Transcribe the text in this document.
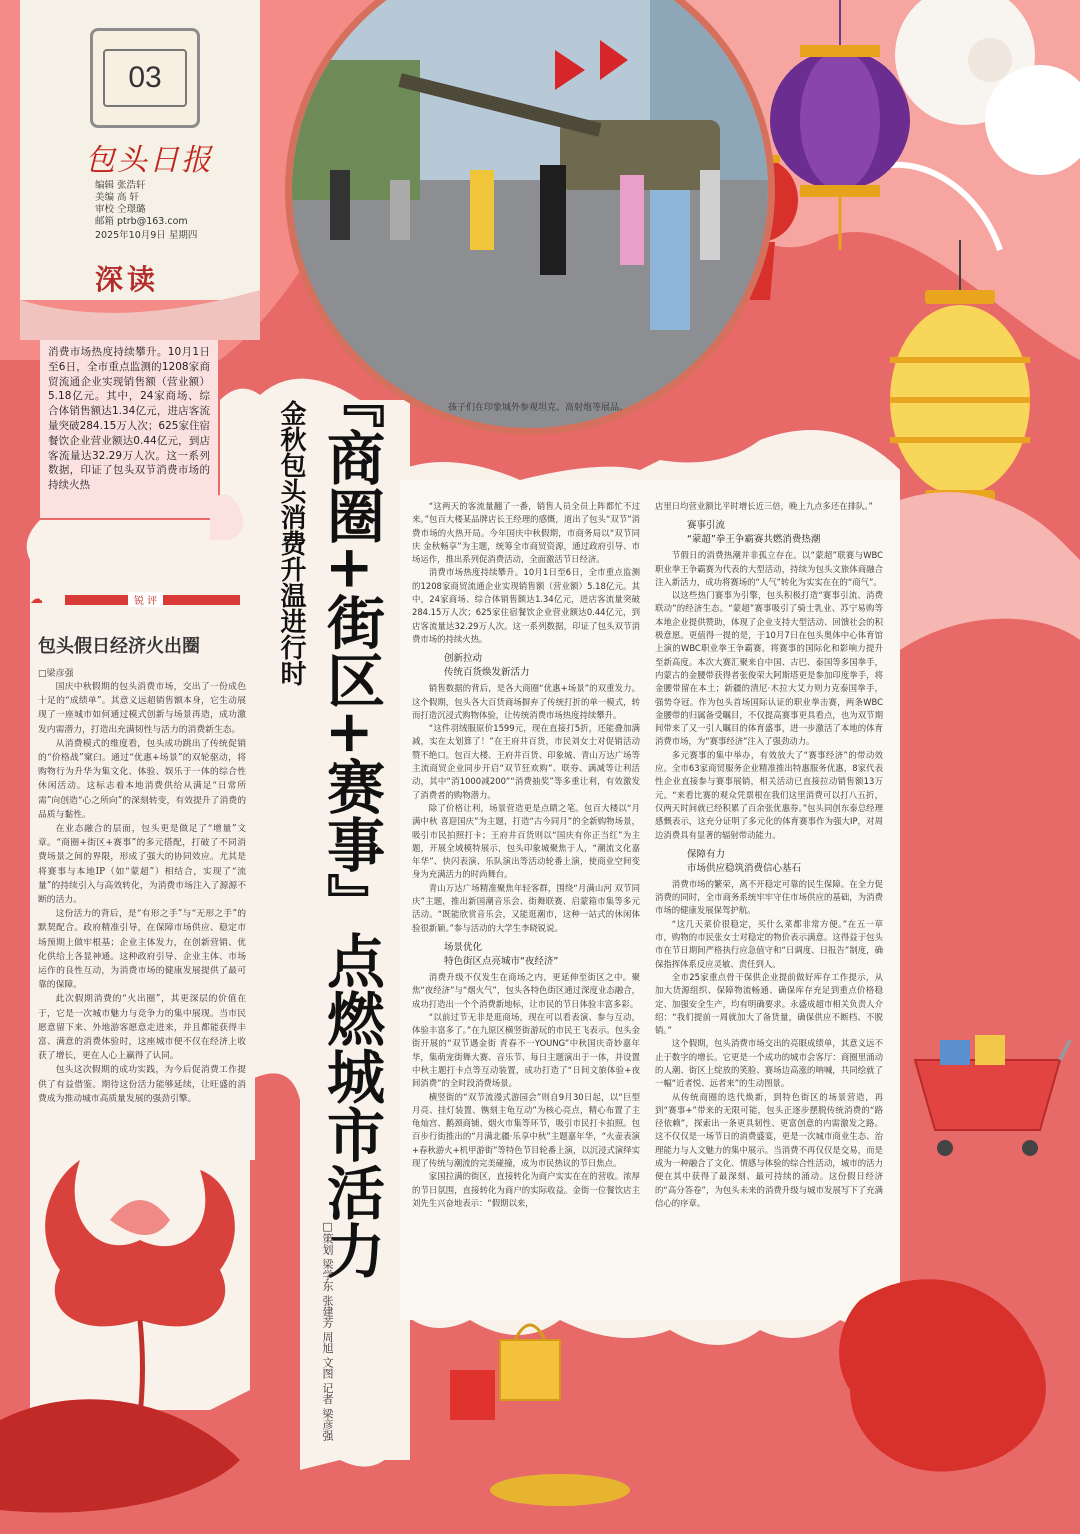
03
包头日报
编辑 张浩轩
美编 高 轩
审校 仝璟璐
邮箱 ptrb@163.com
2025年10月9日 星期四
深读
消费市场热度持续攀升。10月1日至6日，全市重点监测的1208家商贸流通企业实现销售额（营业额）5.18亿元。其中，24家商场、综合体销售额达1.34亿元，进店客流量突破284.15万人次；625家住宿餐饮企业营业额达0.44亿元，到店客流量达32.29万人次。这一系列数据，印证了包头双节消费市场的持续火热
☁	锐 评
包头假日经济火出圈
□梁彦强

国庆中秋假期的包头消费市场，交出了一份成色十足的“成绩单”。其意义远超销售额本身，它生动展现了一座城市如何通过模式创新与场景再造，成功激发内需潜力，打造出充满韧性与活力的消费新生态。

从消费模式的维度看，包头成功跳出了传统促销的“价格战”窠臼。通过“优惠+场景”的双轮驱动，将购物行为升华为集文化、体验、娱乐于一体的综合性休闲活动。这标志着本地消费供给从满足“日常所需”向创造“心之所向”的深刻转变，有效提升了消费的品质与黏性。

在业态融合的层面，包头更是做足了“增量”文章。“商圈+街区+赛事”的多元搭配，打破了不同消费场景之间的界限，形成了强大的协同效应。尤其是将赛事与本地IP（如“蒙超”）相结合，实现了“流量”的持续引入与高效转化，为消费市场注入了源源不断的活力。

这份活力的背后，是“有形之手”与“无形之手”的默契配合。政府精准引导，在保障市场供应、稳定市场预期上做牢根基；企业主体发力，在创新营销、优化供给上各显神通。这种政府引导、企业主体、市场运作的良性互动，为消费市场的健康发展提供了最可靠的保障。

此次假期消费的“火出圈”，其更深层的价值在于，它是一次城市魅力与竞争力的集中展现。当市民愿意留下来、外地游客愿意走进来，并且都能获得丰富、满意的消费体验时，这座城市便不仅在经济上收获了增长，更在人心上赢得了认同。

包头这次假期的成功实践，为今后促消费工作提供了有益借鉴。期待这份活力能够延续，让旺盛的消费成为推动城市高质量发展的强劲引擎。	『商圈+街区+赛事』点燃城市活力
金秋包头消费升温进行时
□策划 梁学东 张建芳 周旭 文图 记者 梁彦强
孩子们在印象城外参观坦克、高射炮等展品。

“这两天的客流量翻了一番，销售人员全员上阵都忙不过来。”包百大楼某品牌店长王经理的感慨，道出了包头“双节”消费市场的火热开局。今年国庆中秋假期，市商务局以“双节同庆 金秋畅享”为主题，统筹全市商贸资源，通过政府引导、市场运作，推出系列促消费活动，全面激活节日经济。

消费市场热度持续攀升。10月1日至6日，全市重点监测的1208家商贸流通企业实现销售额（营业额）5.18亿元。其中，24家商场、综合体销售额达1.34亿元，进店客流量突破284.15万人次；625家住宿餐饮企业营业额达0.44亿元，到店客流量达32.29万人次。这一系列数据，印证了包头双节消费市场的持续火热。

创新拉动
传统百货焕发新活力

销售数据的背后，是各大商圈“优惠+场景”的双重发力。这个假期，包头各大百货商场摒弃了传统打折的单一模式，转而打造沉浸式购物体验，让传统消费市场热度持续攀升。

“这件羽绒服原价1599元，现在直接打5折，还能叠加满减，实在太划算了！”在王府井百货，市民刘女士对促销活动赞不绝口。包百大楼、王府井百货、印象城、青山万达广场等主流商贸企业同步开启“双节狂欢购”、联券、满减等让利活动，其中“消1000减200”“消费抽奖”等多重让利，有效激发了消费者的购物潜力。

除了价格让利，场景营造更是点睛之笔。包百大楼以“月满中秋 喜迎国庆”为主题，打造“古今同月”的全新购物场景，吸引市民拍照打卡；王府井百货则以“国庆有你正当红”为主题，开展全域模特展示，包头印象城聚焦于人，“潮流文化嘉年华”、快闪表演、乐队演出等活动轮番上演，使商业空间变身为充满活力的时尚舞台。

青山万达广场精准聚焦年轻客群，围绕“月满山河 双节同庆”主题，推出新国潮音乐会、街舞联赛、启蒙箱市集等多元活动。“既能欣赏音乐会，又能逛潮市，这种一站式的休闲体验很新颖。”参与活动的大学生李晓锐说。

场景优化
特色街区点亮城市“夜经济”

消费升级不仅发生在商场之内，更延伸至街区之中。聚焦“夜经济”与“烟火气”，包头各特色街区通过深度业态融合，成功打造出一个个消费新地标，让市民的节日体验丰富多彩。

“以前过节无非是逛商场，现在可以看表演、参与互动，体验丰富多了。”在九原区横竖街游玩的市民王飞表示。包头金街开展的“双节遇金街 青春不一YOUNG”中秋国庆奇妙嘉年华，集萌宠街舞大赛、音乐节、每日主题演出于一体，并设置中秋主题打卡点等互动装置，成功打造了“日间文旅体验+夜间消费”的全时段消费场景。

横竖街的“双节流漫式游园会”则自9月30日起，以“巨型月亮、挂灯装置、镌刻主龟互动”为核心亮点，精心布置了主龟灿宫、鹅颈商铺、烟火市集等环节，吸引市民打卡拍照。包百步行街推出的“月满北疆·乐享中秋”主题嘉年华，“火壶表演+春秋游火+机甲游街”等特色节目轮番上演，以沉浸式演绎实现了传统与潮流的完美碰撞，成为市民热议的节日焦点。

家国拉满的街区，直接转化为商户实实在在的营收。浓厚的节日氛围，直接转化为商户的实际收益。金街一位餐饮店主刘先生兴奋地表示：“假期以来，

店里日均营业额比平时增长近三倍，晚上九点多还在排队。”

赛事引流
“蒙超”拳王争霸赛共燃消费热潮

节假日的消费热潮并非孤立存在。以“蒙超”联赛与WBC职业拳王争霸赛为代表的大型活动，持续为包头文旅体商融合注入新活力，成功将赛场的“人气”转化为实实在在的“商气”。

以这些热门赛事为引擎，包头积极打造“赛事引流、消费联动”的经济生态。“蒙超”赛事吸引了骑士乳业、苏宁易购等本地企业提供赞助，体现了企业支持大型活动、回馈社会的积极意愿。更值得一提的是，于10月7日在包头奥体中心体育馆上演的WBC职业拳王争霸赛，将赛事的国际化和影响力提升至新高度。本次大赛汇聚来自中国、古巴、泰国等多国拳手，内蒙古的金腰带获得者张俊荣大阿斯塔更是参加印度拳手，将金腰带留在本土；新疆的清尼·木拉大艾力则力克泰国拳手，强势夺冠。作为包头首场国际认证的职业拳击赛，两条WBC金腰带的归属备受瞩目，不仅提高赛事更具看点，也为双节期间带来了又一引人瞩目的体育盛事，进一步激活了本地的体育消费市场，为“赛事经济”注入了强劲动力。

多元赛事的集中举办，有效放大了“赛事经济”的带动效应。全市63家商贸服务企业精准推出特惠服务优惠，8家代表性企业直接参与赛事展销，相关活动已直接拉动销售额13万元。“来看比赛的观众凭票根在我们这里消费可以打八五折，仅两天时间就已经积累了百余张优惠券。”包头同创东泰总经理感慨表示，这充分证明了多元化的体育赛事作为强大IP，对周边消费具有显著的辐射带动能力。

保障有力
市场供应稳筑消费信心基石

消费市场的繁荣，离不开稳定可靠的民生保障。在全力促消费的同时，全市商务系统牢牢守住市场供应的基础，为消费市场的健康发展保驾护航。

“这几天菜价很稳定，买什么菜都非常方便。”在五一草市，购物的市民张女士对稳定的物价表示满意。这得益于包头市在节日期间严格执行应急值守和“日调度、日报告”制度，确保指挥体系反应灵敏、责任到人。

全市25家重点骨干保供企业提前做好库存工作提示，从加大货源组织、保障物流畅通、确保库存充足到重点价格稳定、加强安全生产，均有明确要求。永盛成超市相关负责人介绍：“我们提前一周就加大了备货量，确保供应不断档、不脱销。”

这个假期，包头消费市场交出的亮眼成绩单，其意义远不止于数字的增长。它更是一个成功的城市会客厅：商圈里涌动的人潮、街区上绽放的笑脸、赛场边高涨的呐喊，共同绘就了一幅“近者悦、远者来”的生动图景。

从传统商圈的迭代焕新，到特色街区的场景营造，再到“赛事+”带来的无限可能，包头正逐步摆脱传统消费的“路径依赖”，探索出一条更具韧性、更富创意的内需激发之路。这不仅仅是一场节日的消费盛宴，更是一次城市商业生态、治理能力与人文魅力的集中展示。当消费不再仅仅是交易，而是成为一种融合了文化、情感与体验的综合性活动，城市的活力便在其中获得了最深刻、最可持续的涌动。这份假日经济的“高分答卷”，为包头未来的消费升级与城市发展写下了充满信心的序章。
